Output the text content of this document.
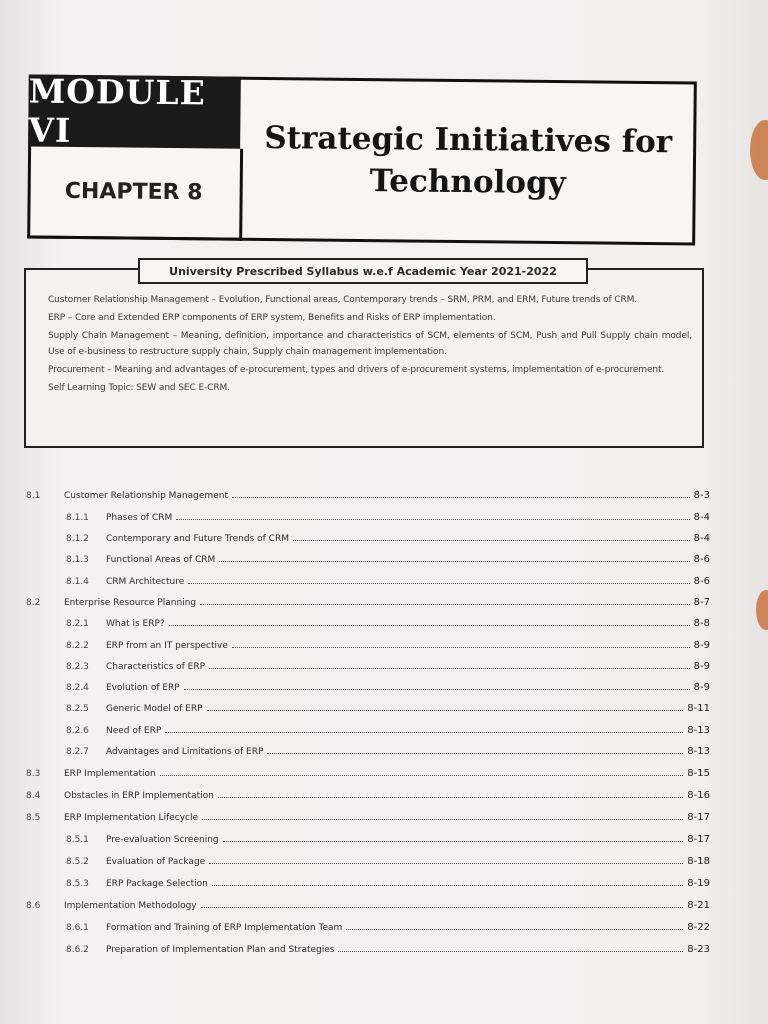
MODULE VI
CHAPTER 8
Strategic Initiatives for
Technology
University Prescribed Syllabus w.e.f Academic Year 2021-2022
Customer Relationship Management – Evolution, Functional areas, Contemporary trends – SRM, PRM, and ERM, Future trends of CRM.
ERP – Core and Extended ERP components of ERP system, Benefits and Risks of ERP implementation.
Supply Chain Management – Meaning, definition, importance and characteristics of SCM, elements of SCM, Push and Pull Supply chain model, Use of e-business to restructure supply chain, Supply chain management implementation.
Procurement – Meaning and advantages of e-procurement, types and drivers of e-procurement systems, implementation of e-procurement.
Self Learning Topic: SEW and SEC E-CRM.
8.1	Customer Relationship Management	8-3
8.1.1	Phases of CRM	8-4
8.1.2	Contemporary and Future Trends of CRM	8-4
8.1.3	Functional Areas of CRM	8-6
8.1.4	CRM Architecture	8-6
8.2	Enterprise Resource Planning	8-7
8.2.1	What is ERP?	8-8
8.2.2	ERP from an IT perspective	8-9
8.2.3	Characteristics of ERP	8-9
8.2.4	Evolution of ERP	8-9
8.2.5	Generic Model of ERP	8-11
8.2.6	Need of ERP	8-13
8.2.7	Advantages and Limitations of ERP	8-13
8.3	ERP Implementation	8-15
8.4	Obstacles in ERP Implementation	8-16
8.5	ERP Implementation Lifecycle	8-17
8.5.1	Pre-evaluation Screening	8-17
8.5.2	Evaluation of Package	8-18
8.5.3	ERP Package Selection	8-19
8.6	Implementation Methodology	8-21
8.6.1	Formation and Training of ERP Implementation Team	8-22
8.6.2	Preparation of Implementation Plan and Strategies	8-23
